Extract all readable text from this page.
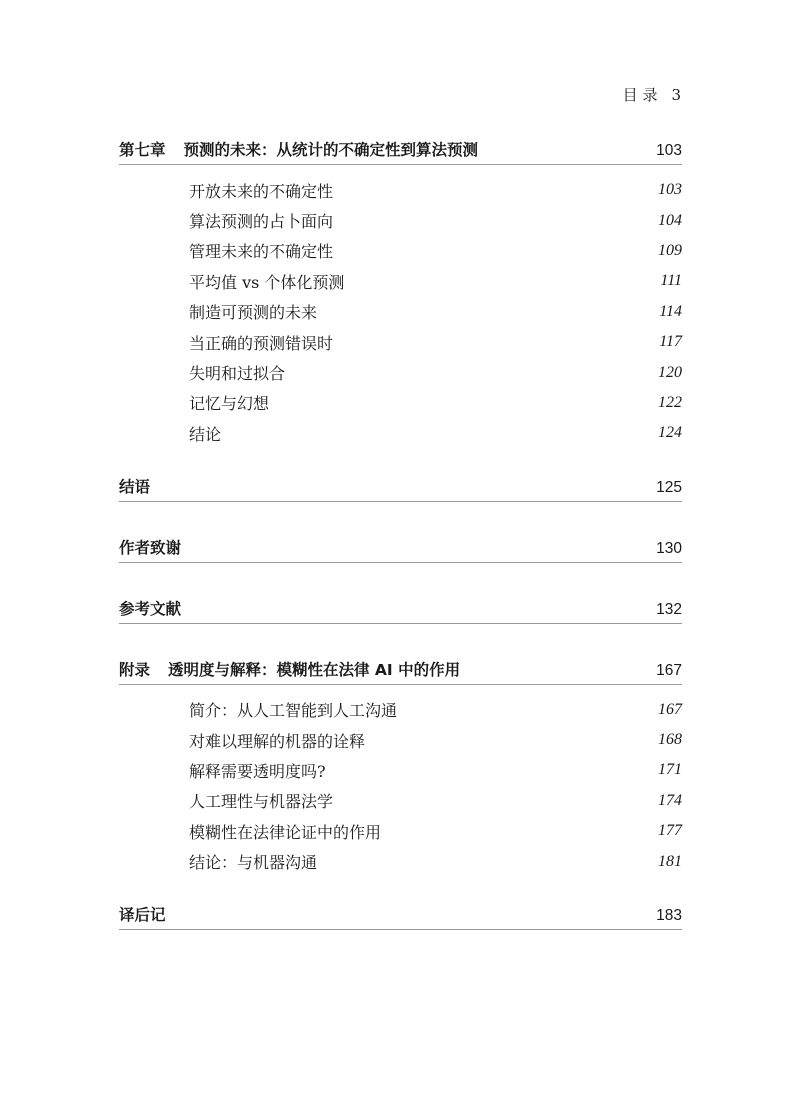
目 录 3
第七章 预测的未来：从统计的不确定性到算法预测	103
开放未来的不确定性	103
算法预测的占卜面向	104
管理未来的不确定性	109
平均值 vs 个体化预测	111
制造可预测的未来	114
当正确的预测错误时	117
失明和过拟合	120
记忆与幻想	122
结论	124
结语	125
作者致谢	130
参考文献	132
附录 透明度与解释：模糊性在法律 AI 中的作用	167
简介：从人工智能到人工沟通	167
对难以理解的机器的诠释	168
解释需要透明度吗?	171
人工理性与机器法学	174
模糊性在法律论证中的作用	177
结论：与机器沟通	181
译后记	183
